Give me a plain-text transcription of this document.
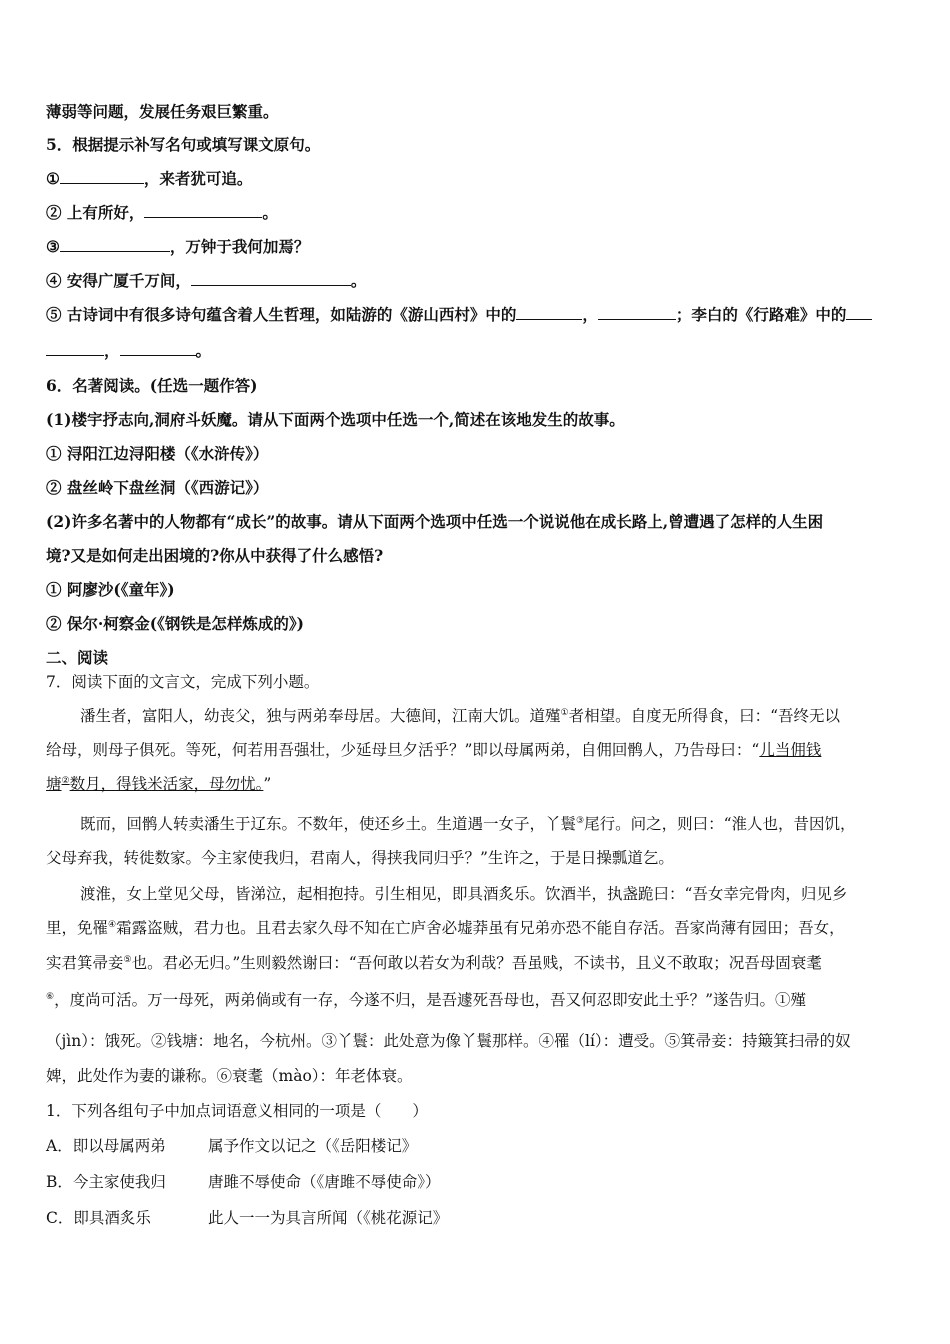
薄弱等问题，发展任务艰巨繁重。
5．根据提示补写名句或填写课文原句。
①	，来者犹可追。
② 上有所好，	。
③	，万钟于我何加焉？
④ 安得广厦千万间，	。
⑤ 古诗词中有很多诗句蕴含着人生哲理，如陆游的《游山西村》中的	，	；李白的《行路难》中的
，	。
6．名著阅读。(任选一题作答)
(1)楼宇抒志向,洞府斗妖魔。请从下面两个选项中任选一个,简述在该地发生的故事。
① 浔阳江边浔阳楼（《水浒传》）
② 盘丝岭下盘丝洞（《西游记》）
(2)许多名著中的人物都有“成长”的故事。请从下面两个选项中任选一个说说他在成长路上,曾遭遇了怎样的人生困
境?又是如何走出困境的?你从中获得了什么感悟?
① 阿廖沙(《童年》)
② 保尔·柯察金(《钢铁是怎样炼成的》)
二、阅读
7．阅读下面的文言文，完成下列小题。
潘生者，富阳人，幼丧父，独与两弟奉母居。大德间，江南大饥。道殣①者相望。自度无所得食，曰：“吾终无以
给母，则母子俱死。等死，何若用吾强壮，少延母旦夕活乎？”即以母属两弟，自佣回鹘人，乃告母曰：“儿当佣钱
塘②数月，得钱米活家，母勿忧。”
既而，回鹘人转卖潘生于辽东。不数年，使还乡土。生道遇一女子，丫鬟③尾行。问之，则曰：“淮人也，昔因饥，
父母弃我，转徙数家。今主家使我归，君南人，得挟我同归乎？”生许之，于是日操瓢道乞。
渡淮，女上堂见父母，皆涕泣，起相抱持。引生相见，即具酒炙乐。饮酒半，执盏跪曰：“吾女幸完骨肉，归见乡
里，免罹④霜露盗贼，君力也。且君去家久母不知在亡庐舍必墟莽虽有兄弟亦恐不能自存活。吾家尚薄有园田；吾女，
实君箕帚妾⑤也。君必无归。”生则毅然谢曰：“吾何敢以若女为利哉？吾虽贱，不读书，且义不敢取；况吾母固衰耄
⑥，度尚可活。万一母死，两弟倘或有一存，今遂不归，是吾遽死吾母也，吾又何忍即安此土乎？”遂告归。①殣
（jìn）：饿死。②钱塘：地名，今杭州。③丫鬟：此处意为像丫鬟那样。④罹（lí）：遭受。⑤箕帚妾：持簸箕扫帚的奴
婢，此处作为妻的谦称。⑥衰耄（mào）：年老体衰。
1．下列各组句子中加点词语意义相同的一项是（　　）
A．即以母属两弟	属予作文以记之（《岳阳楼记》
B．今主家使我归	唐雎不辱使命（《唐雎不辱使命》）
C．即具酒炙乐	此人一一为具言所闻（《桃花源记》
